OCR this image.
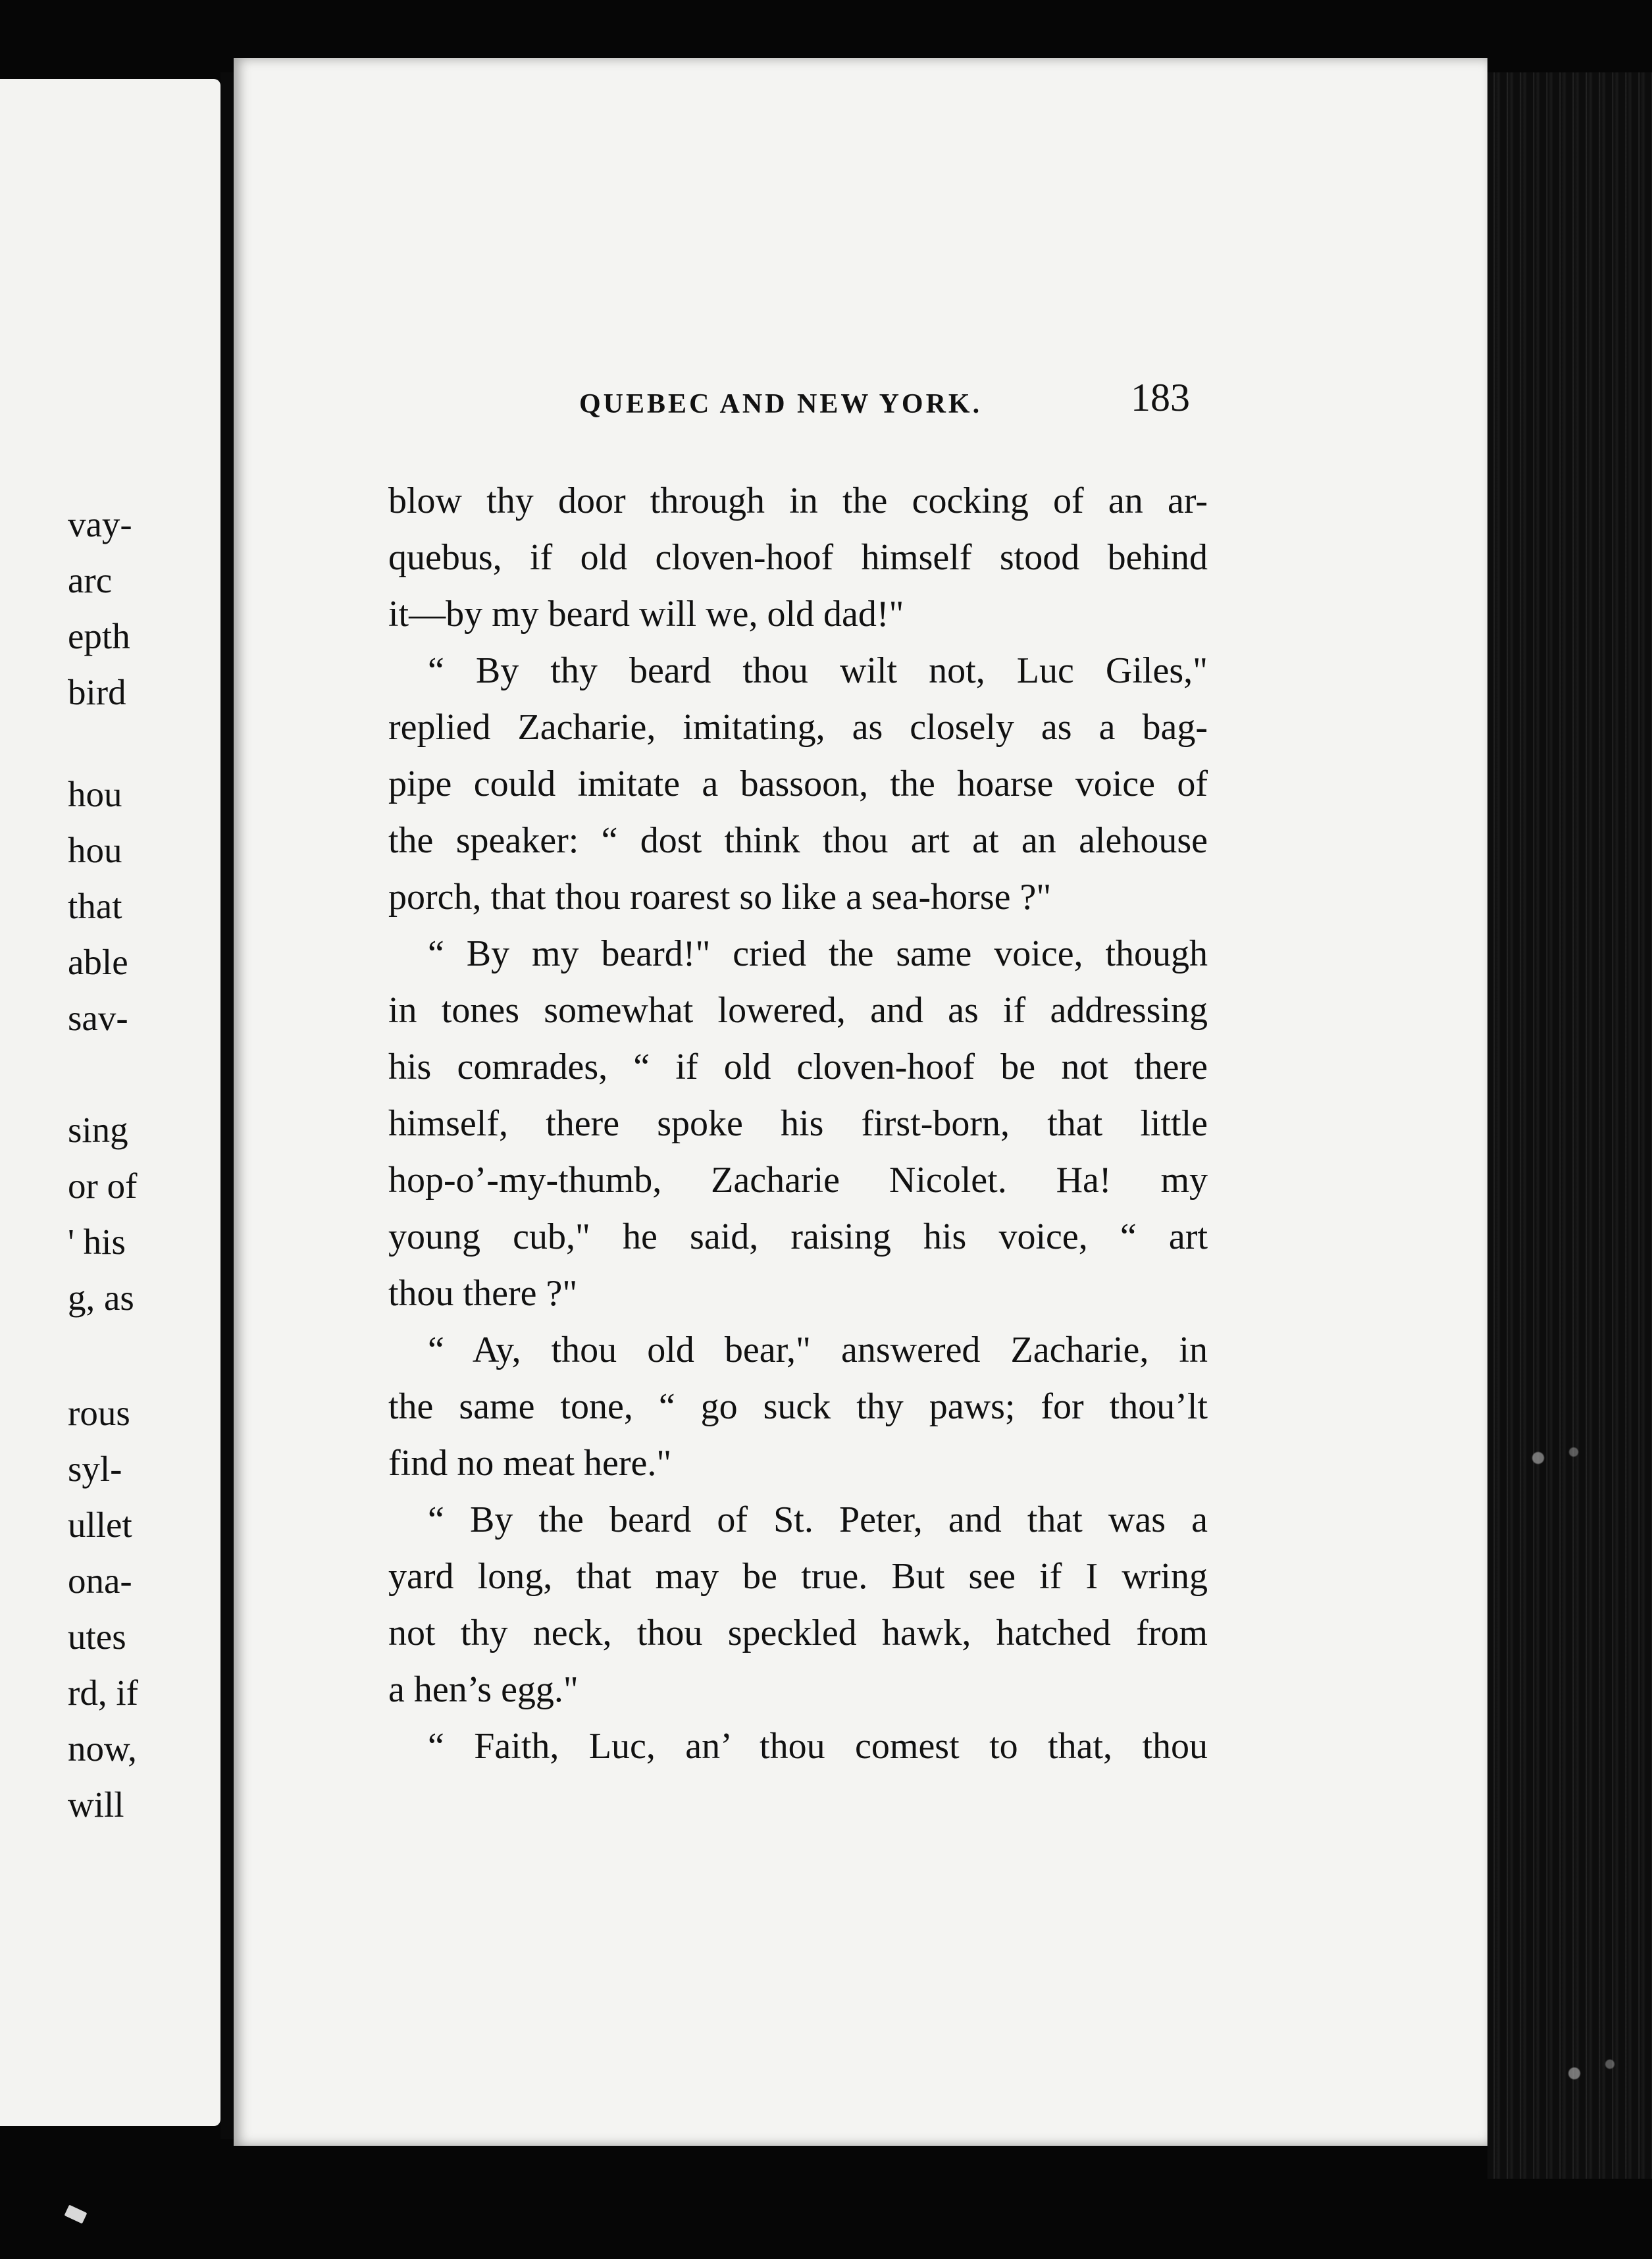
vay-
arc
epth
bird
hou
hou
that
able
sav-
sing
or of
' his
g, as
rous
syl-
ullet
ona-
utes
rd, if
now,
will
QUEBEC AND NEW YORK.	183
blow thy door through in the cocking of an ar-
quebus, if old cloven-hoof himself stood behind
it—by my beard will we, old dad!"
“ By thy beard thou wilt not, Luc Giles,"
replied Zacharie, imitating, as closely as a bag-
pipe could imitate a bassoon, the hoarse voice of
the speaker: “ dost think thou art at an alehouse
porch, that thou roarest so like a sea-horse ?"
“ By my beard!" cried the same voice, though
in tones somewhat lowered, and as if addressing
his comrades, “ if old cloven-hoof be not there
himself, there spoke his first-born, that little
hop-o’-my-thumb, Zacharie Nicolet. Ha! my
young cub," he said, raising his voice, “ art
thou there ?"
“ Ay, thou old bear," answered Zacharie, in
the same tone, “ go suck thy paws; for thou’lt
find no meat here."
“ By the beard of St. Peter, and that was a
yard long, that may be true. But see if I wring
not thy neck, thou speckled hawk, hatched from
a hen’s egg."
“ Faith, Luc, an’ thou comest to that, thou
